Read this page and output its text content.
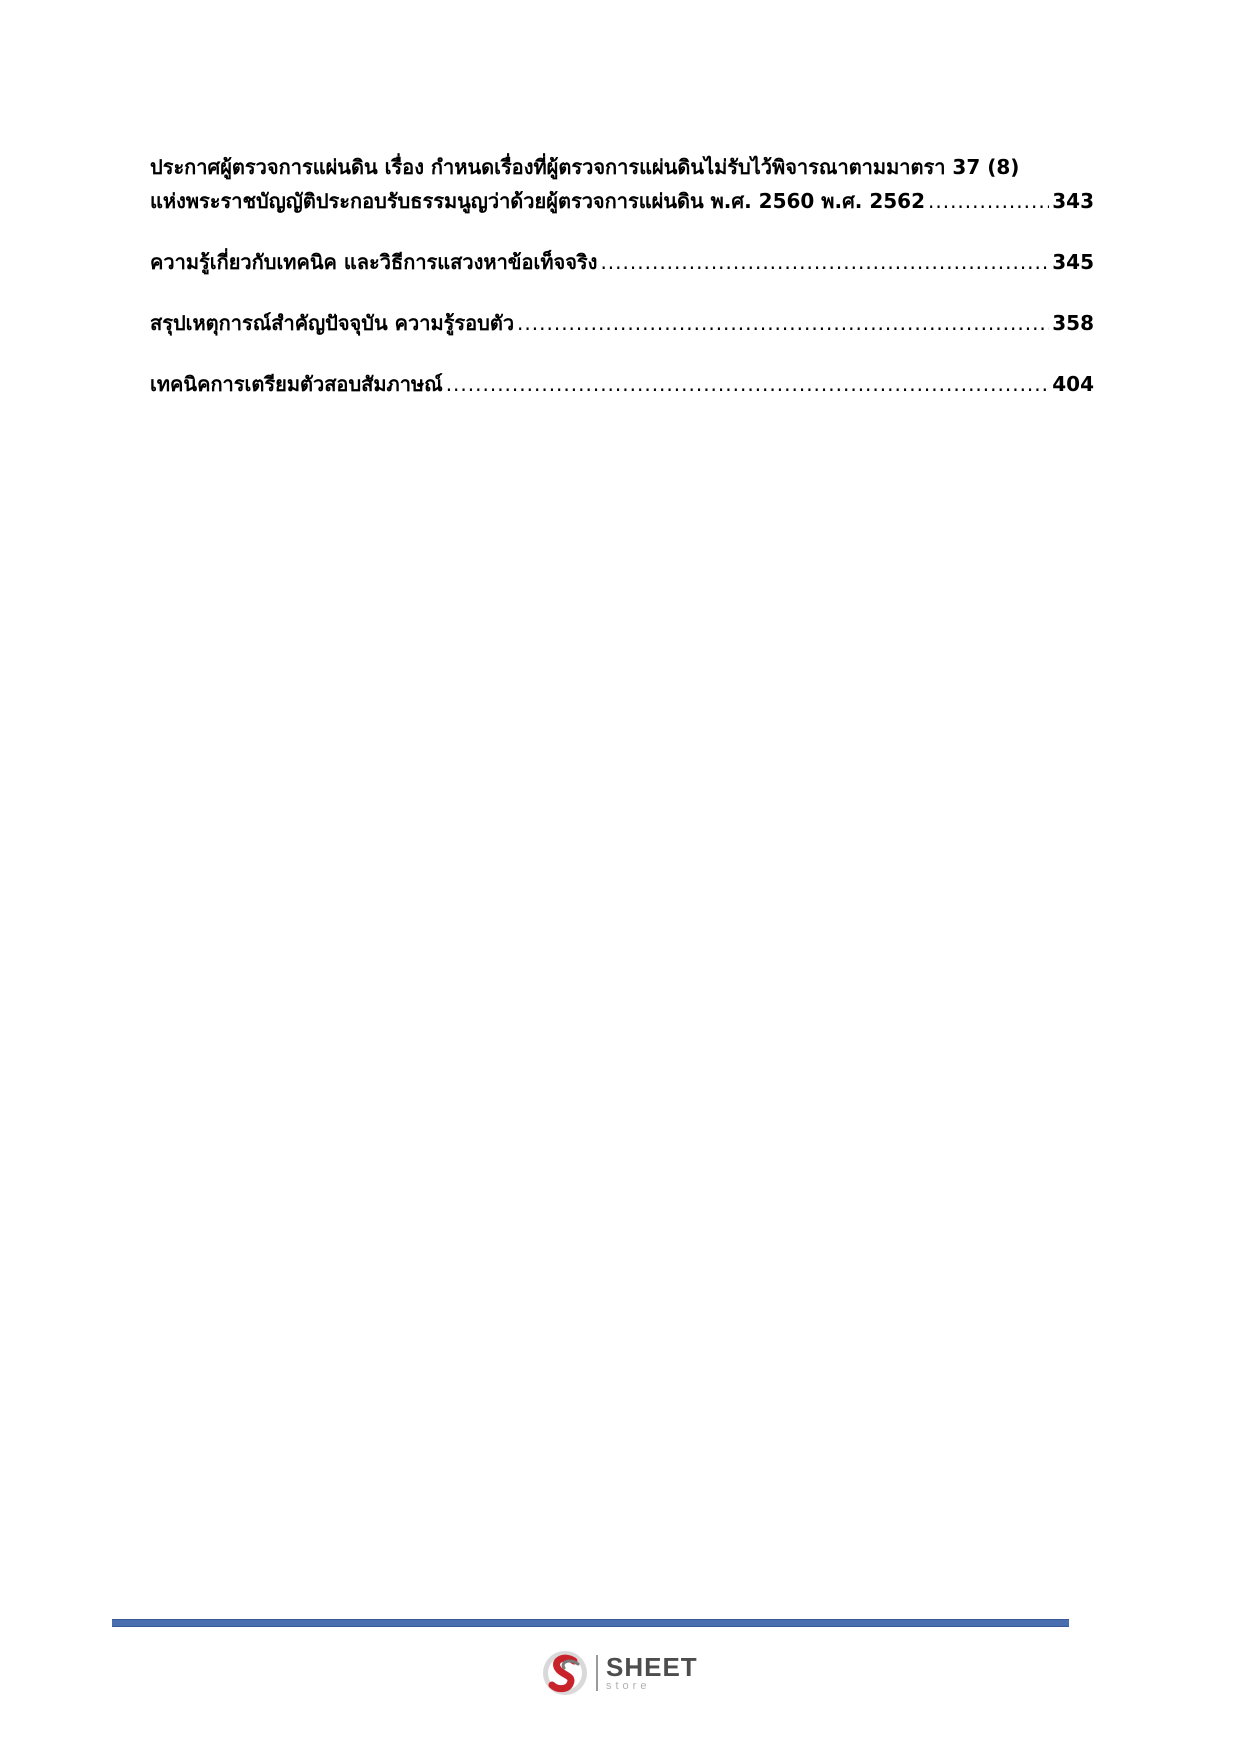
ประกาศผู้ตรวจการแผ่นดิน เรื่อง กำหนดเรื่องที่ผู้ตรวจการแผ่นดินไม่รับไว้พิจารณาตามมาตรา 37 (8)
แห่งพระราชบัญญัติประกอบรับธรรมนูญว่าด้วยผู้ตรวจการแผ่นดิน พ.ศ. 2560 พ.ศ. 2562 .....	343
ความรู้เกี่ยวกับเทคนิค และวิธีการแสวงหาข้อเท็จจริง .....	345
สรุปเหตุการณ์สำคัญปัจจุบัน ความรู้รอบตัว .....	358
เทคนิคการเตรียมตัวสอบสัมภาษณ์ .....	404
SHEET
store
